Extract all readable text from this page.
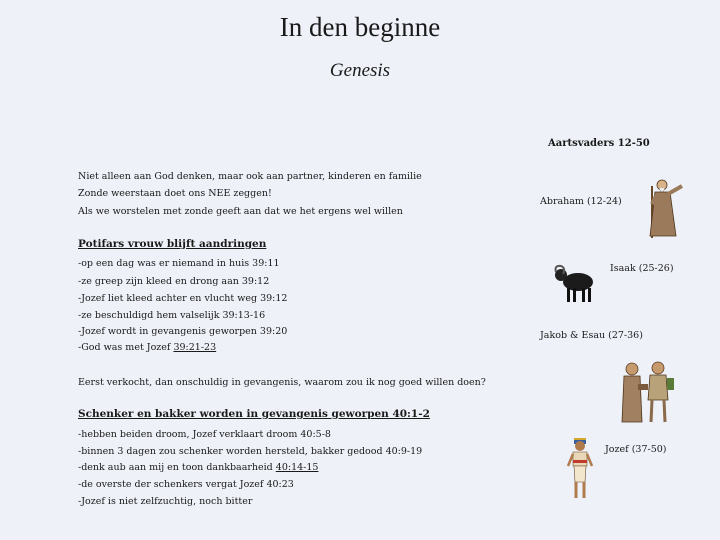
In den beginne
Genesis
Aartsvaders 12-50
Abraham (12-24)
Isaak (25-26)
Jakob & Esau (27-36)
Jozef (37-50)
Niet alleen aan God denken, maar ook aan partner, kinderen en familie
Zonde weerstaan doet ons NEE zeggen!
Als we worstelen met zonde geeft aan dat we het ergens wel willen
Potifars vrouw blijft aandringen
-op een dag was er niemand in huis 39:11
-ze greep zijn kleed en drong aan 39:12
-Jozef liet kleed achter en vlucht weg 39:12
-ze beschuldigd hem valselijk 39:13-16
-Jozef wordt in gevangenis geworpen 39:20
-God was met Jozef 39:21-23
Eerst verkocht, dan onschuldig in gevangenis, waarom zou ik nog goed willen doen?
Schenker en bakker worden in gevangenis geworpen 40:1-2
-hebben beiden droom, Jozef verklaart droom 40:5-8
-binnen 3 dagen zou schenker worden hersteld, bakker gedood 40:9-19
-denk aub aan mij en toon dankbaarheid 40:14-15
-de overste der schenkers vergat Jozef 40:23
-Jozef is niet zelfzuchtig, noch bitter
